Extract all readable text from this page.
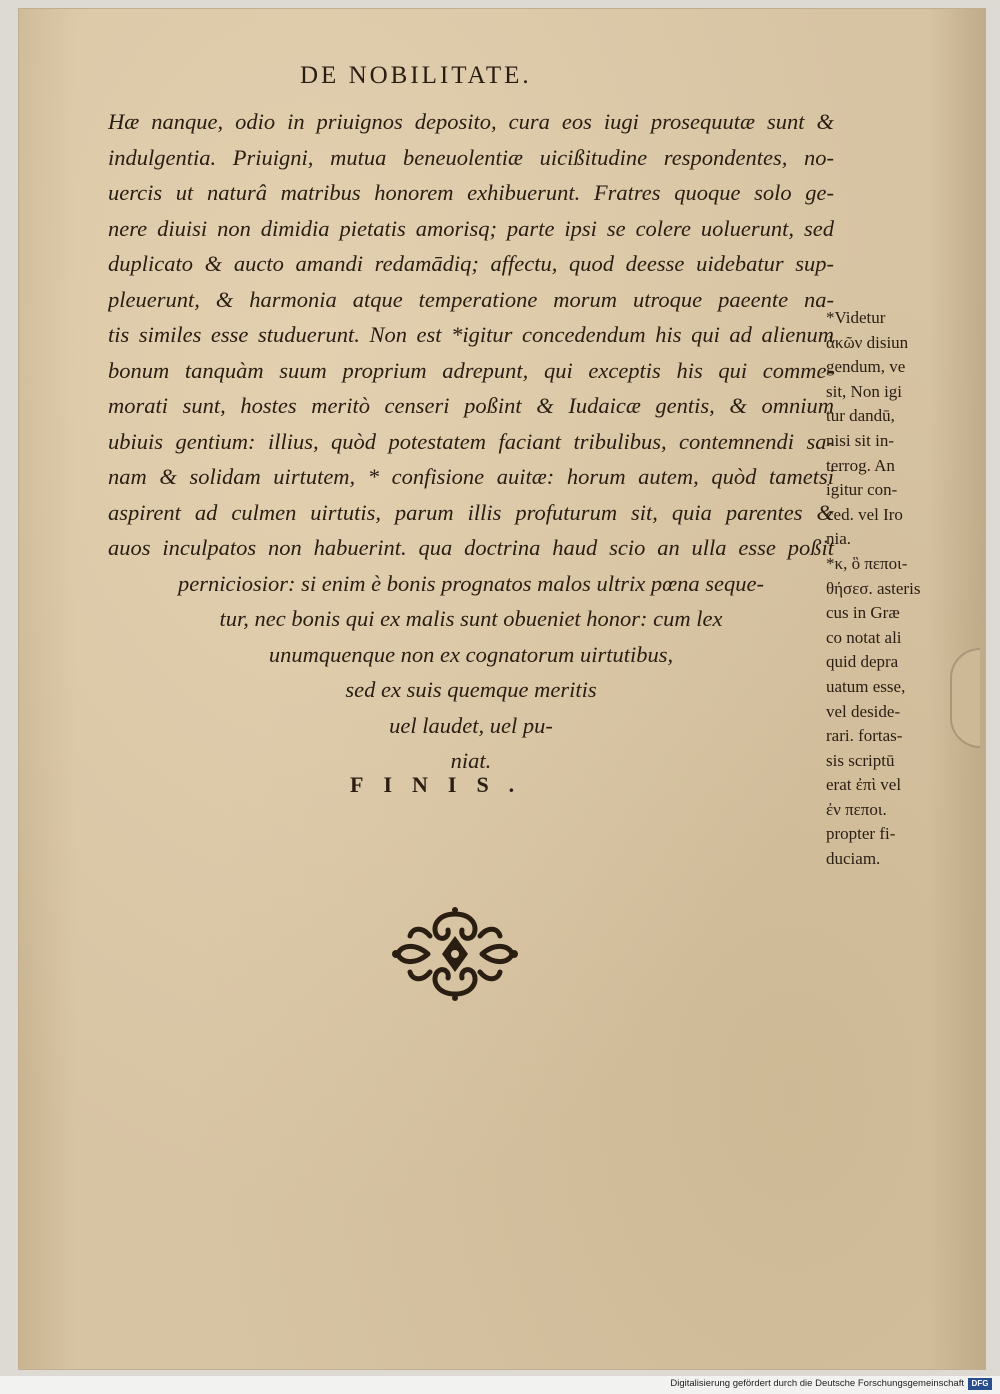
DE NOBILITATE.
Hæ nanque, odio in priuignos deposito, cura eos iugi prosequutæ sunt &
indulgentia. Priuigni, mutua beneuolentiæ uicißitudine respondentes, no-
uercis ut naturâ matribus honorem exhibuerunt. Fratres quoque solo ge-
nere diuisi non dimidia pietatis amorisq; parte ipsi se colere uoluerunt, sed
duplicato & aucto amandi redamādiq; affectu, quod deesse uidebatur sup-
pleuerunt, & harmonia atque temperatione morum utroque paeente na-
tis similes esse studuerunt. Non est *igitur concedendum his qui ad alienum
bonum tanquàm suum proprium adrepunt, qui exceptis his qui comme-
morati sunt, hostes meritò censeri poßint & Iudaicæ gentis, & omnium
ubiuis gentium: illius, quòd potestatem faciant tribulibus, contemnendi sa-
nam & solidam uirtutem, * confisione auitæ: horum autem, quòd tametsi
aspirent ad culmen uirtutis, parum illis profuturum sit, quia parentes &
auos inculpatos non habuerint. qua doctrina haud scio an ulla esse poßit
perniciosior: si enim è bonis prognatos malos ultrix pœna seque-
tur, nec bonis qui ex malis sunt obueniet honor: cum lex
unumquenque non ex cognatorum uirtutibus,
sed ex suis quemque meritis
uel laudet, uel pu-
niat.
FINIS.
*Videtur
ἀκῶν disiun
gendum, ve
sit, Non igi
tur dandū,
nisi sit in-
terrog. An
igitur con-
ced. vel Iro
nia.
*κ, ὃ πεποι-
θήσεσ. asteris
cus in Græ
co notat ali
quid depra
uatum esse,
vel deside-
rari. fortas-
sis scriptū
erat ἐπὶ vel
ἐν πεποι.
propter fi-
duciam.
Digitalisierung gefördert durch die Deutsche Forschungsgemeinschaft DFG
